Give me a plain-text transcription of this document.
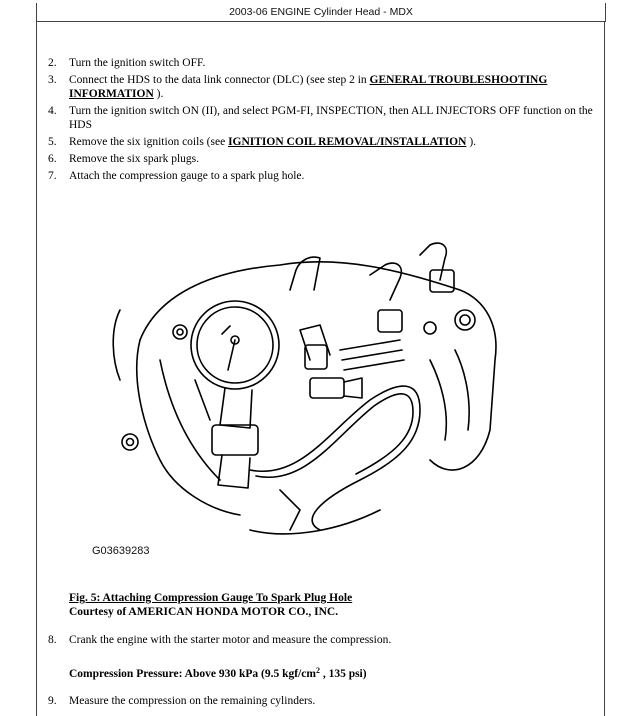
2003-06 ENGINE Cylinder Head - MDX
2. Turn the ignition switch OFF.
3. Connect the HDS to the data link connector (DLC) (see step 2 in GENERAL TROUBLESHOOTING INFORMATION ).
4. Turn the ignition switch ON (II), and select PGM-FI, INSPECTION, then ALL INJECTORS OFF function on the HDS
5. Remove the six ignition coils (see IGNITION COIL REMOVAL/INSTALLATION ).
6. Remove the six spark plugs.
7. Attach the compression gauge to a spark plug hole.
G03639283
Fig. 5: Attaching Compression Gauge To Spark Plug Hole
Courtesy of AMERICAN HONDA MOTOR CO., INC.
8. Crank the engine with the starter motor and measure the compression.
Compression Pressure: Above 930 kPa (9.5 kgf/$cm^2$ , 135 psi)
9. Measure the compression on the remaining cylinders.
